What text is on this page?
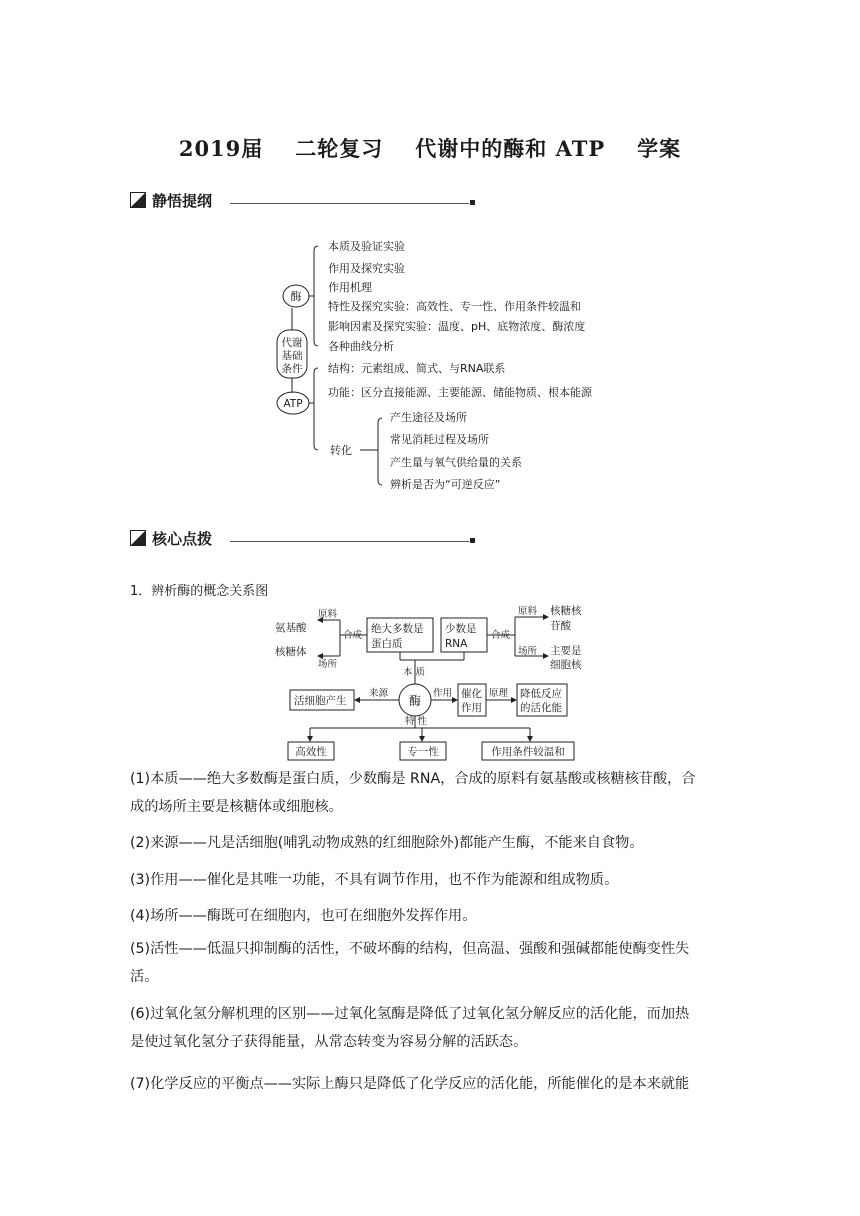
2019届 二轮复习 代谢中的酶和 ATP 学案
静悟提纲
代谢
基础
条件
酶
ATP
本质及验证实验
作用及探究实验
作用机理
特性及探究实验：高效性、专一性、作用条件较温和
影响因素及探究实验：温度、pH、底物浓度、酶浓度
各种曲线分析
结构：元素组成、简式、与RNA联系
功能：区分直接能源、主要能源、储能物质、根本能源
转化
产生途径及场所
常见消耗过程及场所
产生量与氧气供给量的关系
辨析是否为“可逆反应”
核心点拨
1．辨析酶的概念关系图
氨基酸
核糖体
原料
场所
合成
绝大多数是
蛋白质
少数是
RNA
合成
原料
场所
核糖核
苷酸
主要是
细胞核
本 质
酶
来源
活细胞产生
作用 催化
作用
原理 降低反应
的活化能
特 性
高效性	专一性	作用条件较温和
(1)本质——绝大多数酶是蛋白质，少数酶是 RNA，合成的原料有氨基酸或核糖核苷酸，合
成的场所主要是核糖体或细胞核。
(2)来源——凡是活细胞(哺乳动物成熟的红细胞除外)都能产生酶，不能来自食物。
(3)作用——催化是其唯一功能，不具有调节作用，也不作为能源和组成物质。
(4)场所——酶既可在细胞内，也可在细胞外发挥作用。
(5)活性——低温只抑制酶的活性，不破坏酶的结构，但高温、强酸和强碱都能使酶变性失
活。
(6)过氧化氢分解机理的区别——过氧化氢酶是降低了过氧化氢分解反应的活化能，而加热
是使过氧化氢分子获得能量，从常态转变为容易分解的活跃态。
(7)化学反应的平衡点——实际上酶只是降低了化学反应的活化能，所能催化的是本来就能
